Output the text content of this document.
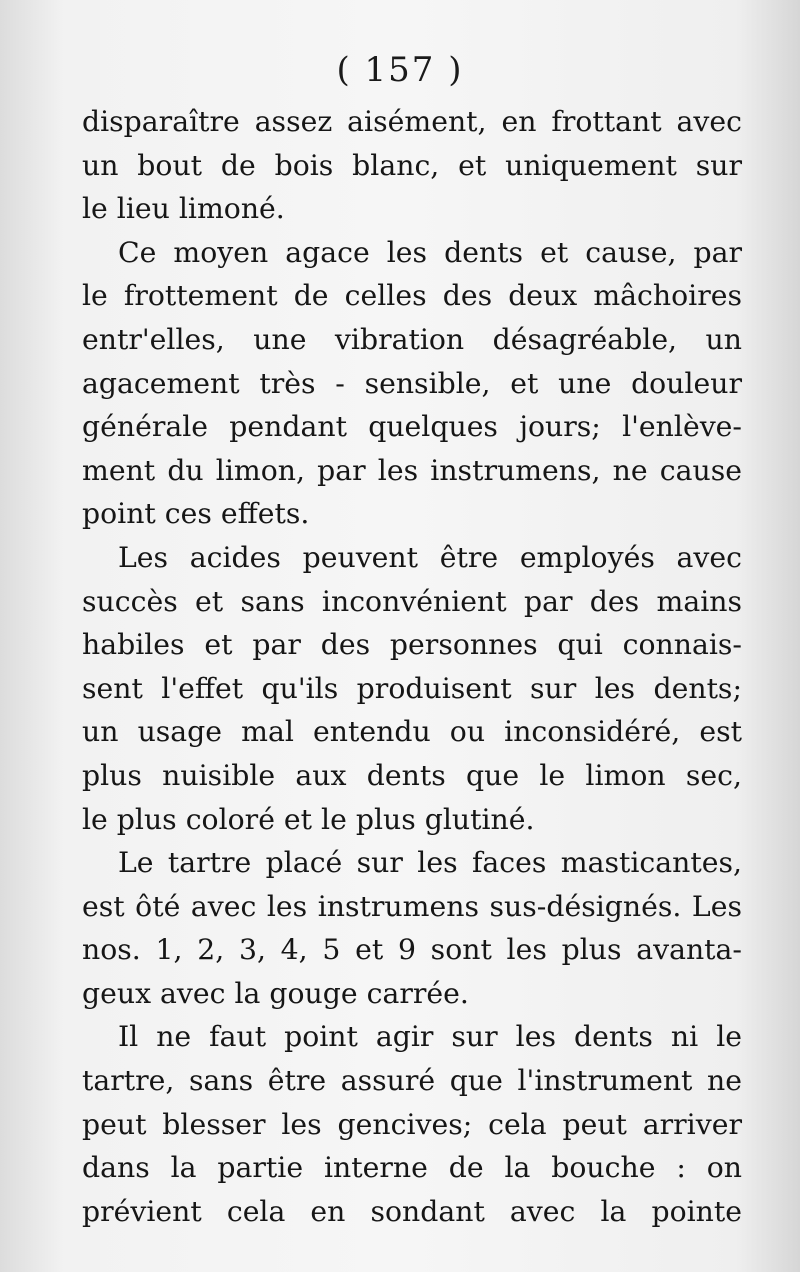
( 157 )
disparaître assez aisément, en frottant avec
un bout de bois blanc, et uniquement sur
le lieu limoné.
Ce moyen agace les dents et cause, par
le frottement de celles des deux mâchoires
entr'elles, une vibration désagréable, un
agacement très - sensible, et une douleur
générale pendant quelques jours; l'enlève-
ment du limon, par les instrumens, ne cause
point ces effets.
Les acides peuvent être employés avec
succès et sans inconvénient par des mains
habiles et par des personnes qui connais-
sent l'effet qu'ils produisent sur les dents;
un usage mal entendu ou inconsidéré, est
plus nuisible aux dents que le limon sec,
le plus coloré et le plus glutiné.
Le tartre placé sur les faces masticantes,
est ôté avec les instrumens sus-désignés. Les
nos. 1, 2, 3, 4, 5 et 9 sont les plus avanta-
geux avec la gouge carrée.
Il ne faut point agir sur les dents ni le
tartre, sans être assuré que l'instrument ne
peut blesser les gencives; cela peut arriver
dans la partie interne de la bouche : on
prévient cela en sondant avec la pointe
